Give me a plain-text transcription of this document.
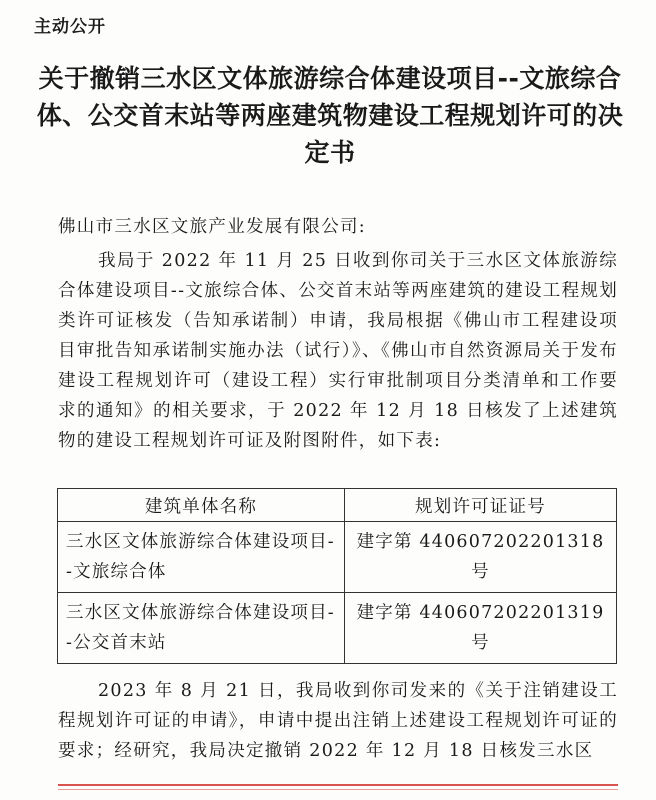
主动公开
关于撤销三水区文体旅游综合体建设项目--文旅综合体、公交首末站等两座建筑物建设工程规划许可的决定书
佛山市三水区文旅产业发展有限公司:
我局于 2022 年 11 月 25 日收到你司关于三水区文体旅游综合体建设项目--文旅综合体、公交首末站等两座建筑的建设工程规划类许可证核发（告知承诺制）申请，我局根据《佛山市工程建设项目审批告知承诺制实施办法（试行）》、《佛山市自然资源局关于发布建设工程规划许可（建设工程）实行审批制项目分类清单和工作要求的通知》的相关要求，于 2022 年 12 月 18 日核发了上述建筑物的建设工程规划许可证及附图附件，如下表:
建筑单体名称	规划许可证证号
三水区文体旅游综合体建设项目--文旅综合体	建字第 440607202201318 号
三水区文体旅游综合体建设项目--公交首末站	建字第 440607202201319 号
2023 年 8 月 21 日，我局收到你司发来的《关于注销建设工程规划许可证的申请》，申请中提出注销上述建设工程规划许可证的要求；经研究，我局决定撤销 2022 年 12 月 18 日核发三水区
